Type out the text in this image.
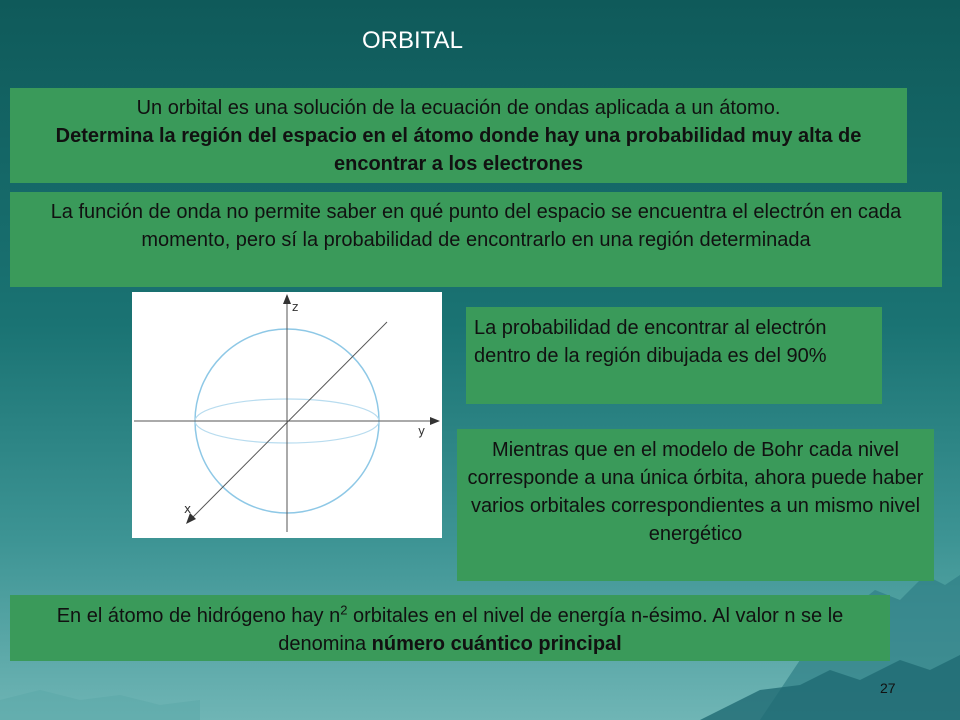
ORBITAL
Un orbital es una solución de la ecuación de ondas aplicada a un átomo.
Determina la región del espacio en el átomo donde hay una probabilidad muy alta de encontrar a los electrones
La función de onda no permite saber en qué punto del espacio se encuentra el electrón en cada momento, pero sí la probabilidad de encontrarlo en una región determinada
z
y
x
La probabilidad de encontrar al electrón dentro de la región dibujada es del 90%
Mientras que en el modelo de Bohr cada nivel corresponde a una única órbita, ahora puede haber varios orbitales correspondientes a un mismo nivel energético
En el átomo de hidrógeno hay $n^2$ orbitales en el nivel de energía n-ésimo. Al valor n se le denomina número cuántico principal
27
